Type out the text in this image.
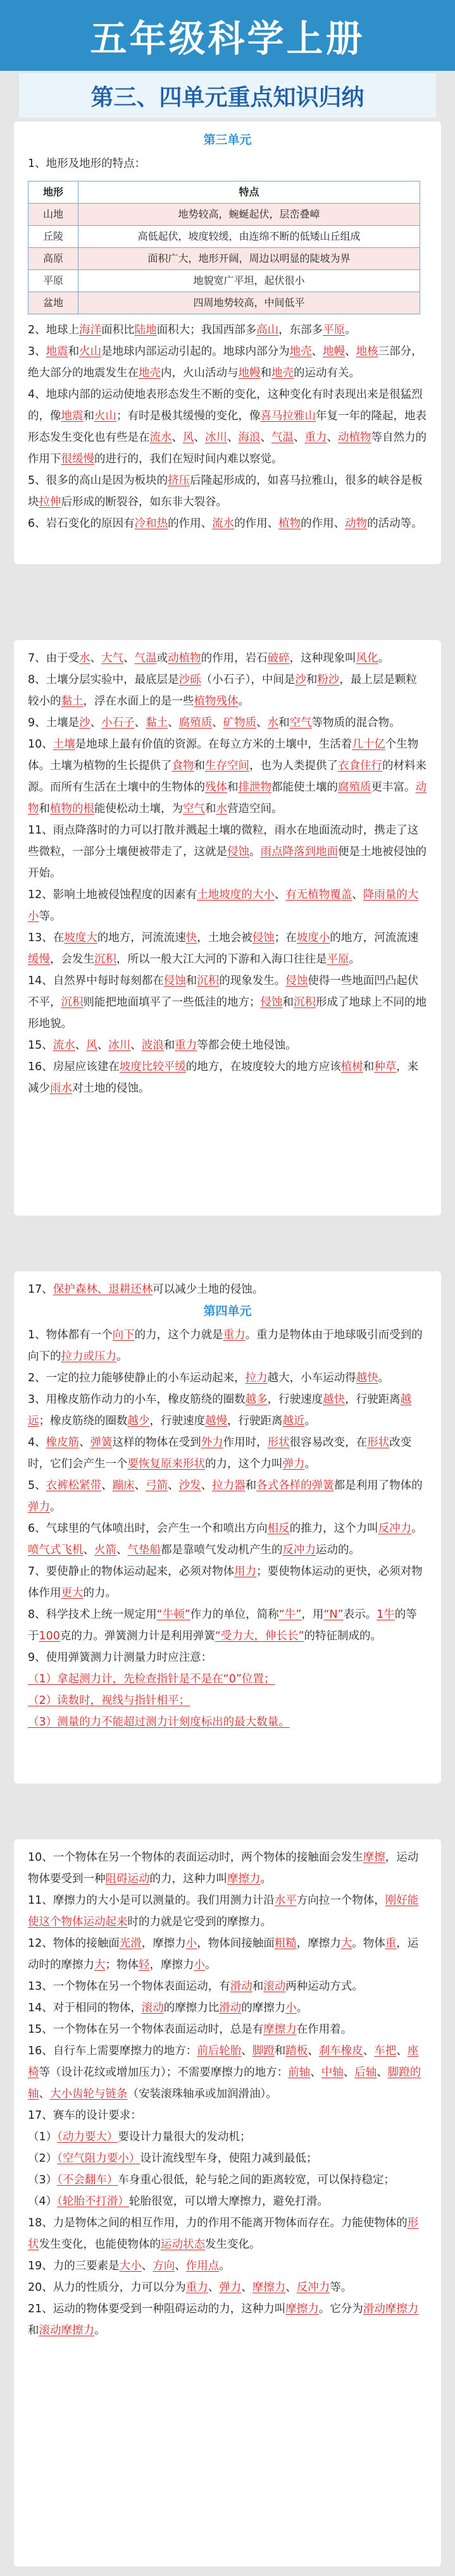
五年级科学上册
第三、四单元重点知识归纳
第三单元

1、地形及地形的特点：

地形	特点
山地	地势较高，蜿蜒起伏，层峦叠嶂
丘陵	高低起伏，坡度较缓，由连绵不断的低矮山丘组成
高原	面积广大，地形开阔，周边以明显的陡坡为界
平原	地貌宽广平坦，起伏很小
盆地	四周地势较高，中间低平

2、地球上海洋面积比陆地面积大；我国西部多高山，东部多平原。

3、地震和火山是地球内部运动引起的。地球内部分为地壳、地幔、地核三部分，绝大部分的地震发生在地壳内，火山活动与地幔和地壳的运动有关。

4、地球内部的运动使地表形态发生不断的变化，这种变化有时表现出来是很猛烈的，像地震和火山；有时是极其缓慢的变化，像喜马拉雅山年复一年的隆起，地表形态发生变化也有些是在流水、风、冰川、海浪、气温、重力、动植物等自然力的作用下很缓慢的进行的，我们在短时间内难以察觉。

5、很多的高山是因为板块的挤压后隆起形成的，如喜马拉雅山，很多的峡谷是板块拉伸后形成的断裂谷，如东非大裂谷。

6、岩石变化的原因有冷和热的作用、流水的作用、植物的作用、动物的活动等。

7、由于受水、大气、气温或动植物的作用，岩石破碎，这种现象叫风化。

8、土壤分层实验中，最底层是沙砾（小石子），中间是沙和粉沙，最上层是颗粒较小的黏土，浮在水面上的是一些植物残体。

9、土壤是沙、小石子、黏土、腐殖质、矿物质、水和空气等物质的混合物。

10、土壤是地球上最有价值的资源。在每立方米的土壤中，生活着几十亿个生物体。土壤为植物的生长提供了食物和生存空间，也为人类提供了衣食住行的材料来源。而所有生活在土壤中的生物体的残体和排泄物都能使土壤的腐殖质更丰富。动物和植物的根能使松动土壤，为空气和水营造空间。

11、雨点降落时的力可以打散并溅起土壤的微粒，雨水在地面流动时，携走了这些微粒，一部分土壤便被带走了，这就是侵蚀。雨点降落到地面便是土地被侵蚀的开始。

12、影响土地被侵蚀程度的因素有土地坡度的大小、有无植物覆盖、降雨量的大小等。

13、在坡度大的地方，河流流速快，土地会被侵蚀；在坡度小的地方，河流流速缓慢，会发生沉积，所以一般大江大河的下游和入海口往往是平原。

14、自然界中每时每刻都在侵蚀和沉积的现象发生。侵蚀使得一些地面凹凸起伏不平，沉积则能把地面填平了一些低洼的地方；侵蚀和沉积形成了地球上不同的地形地貌。

15、流水、风、冰川、波浪和重力等都会使土地侵蚀。

16、房屋应该建在坡度比较平缓的地方，在坡度较大的地方应该植树和种草，来减少雨水对土地的侵蚀。

17、保护森林、退耕还林可以减少土地的侵蚀。

第四单元

1、物体都有一个向下的力，这个力就是重力。重力是物体由于地球吸引而受到的向下的拉力或压力。

2、一定的拉力能够使静止的小车运动起来，拉力越大，小车运动得越快。

3、用橡皮筋作动力的小车，橡皮筋绕的圈数越多，行驶速度越快，行驶距离越远；橡皮筋绕的圈数越少，行驶速度越慢，行驶距离越近。

4、橡皮筋、弹簧这样的物体在受到外力作用时，形状很容易改变，在形状改变时，它们会产生一个要恢复原来形状的力，这个力叫弹力。

5、衣裤松紧带、蹦床、弓箭、沙发、拉力器和各式各样的弹簧都是利用了物体的弹力。

6、气球里的气体喷出时，会产生一个和喷出方向相反的推力，这个力叫反冲力。喷气式飞机、火箭、气垫船都是靠喷气发动机产生的反冲力运动的。

7、要使静止的物体运动起来，必须对物体用力；要使物体运动的更快，必须对物体作用更大的力。

8、科学技术上统一规定用“牛顿”作力的单位，简称“牛”，用“N”表示。1牛的等于100克的力。弹簧测力计是利用弹簧“受力大，伸长长”的特征制成的。

9、使用弹簧测力计测量力时应注意：

（1）拿起测力计，先检查指针是不是在“0”位置；

（2）读数时，视线与指针相平；

（3）测量的力不能超过测力计刻度标出的最大数量。

10、一个物体在另一个物体的表面运动时，两个物体的接触面会发生摩擦，运动物体要受到一种阻碍运动的力，这种力叫摩擦力。

11、摩擦力的大小是可以测量的。我们用测力计沿水平方向拉一个物体，刚好能使这个物体运动起来时的力就是它受到的摩擦力。

12、物体的接触面光滑，摩擦力小，物体间接触面粗糙，摩擦力大。物体重，运动时的摩擦力大；物体轻，摩擦力小。

13、一个物体在另一个物体表面运动，有滑动和滚动两种运动方式。

14、对于相同的物体，滚动的摩擦力比滑动的摩擦力小。

15、一个物体在另一个物体表面运动时，总是有摩擦力在作用着。

16、自行车上需要摩擦力的地方：前后轮胎、脚蹬和踏板、刹车橡皮、车把、座椅等（设计花纹或增加压力）；不需要摩擦力的地方：前轴、中轴、后轴、脚蹬的轴、大小齿轮与链条（安装滚珠轴承或加润滑油）。

17、赛车的设计要求：

（1）（动力要大）要设计力量很大的发动机；

（2）（空气阻力要小）设计流线型车身，使阻力减到最低；

（3）（不会翻车）车身重心很低，轮与轮之间的距离较宽，可以保持稳定；

（4）（轮胎不打滑）轮胎很宽，可以增大摩擦力，避免打滑。

18、力是物体之间的相互作用，力的作用不能离开物体而存在。力能使物体的形状发生变化，也能使物体的运动状态发生变化。

19、力的三要素是大小、方向、作用点。

20、从力的性质分，力可以分为重力、弹力、摩擦力、反冲力等。

21、运动的物体要受到一种阻碍运动的力，这种力叫摩擦力。它分为滑动摩擦力和滚动摩擦力。
